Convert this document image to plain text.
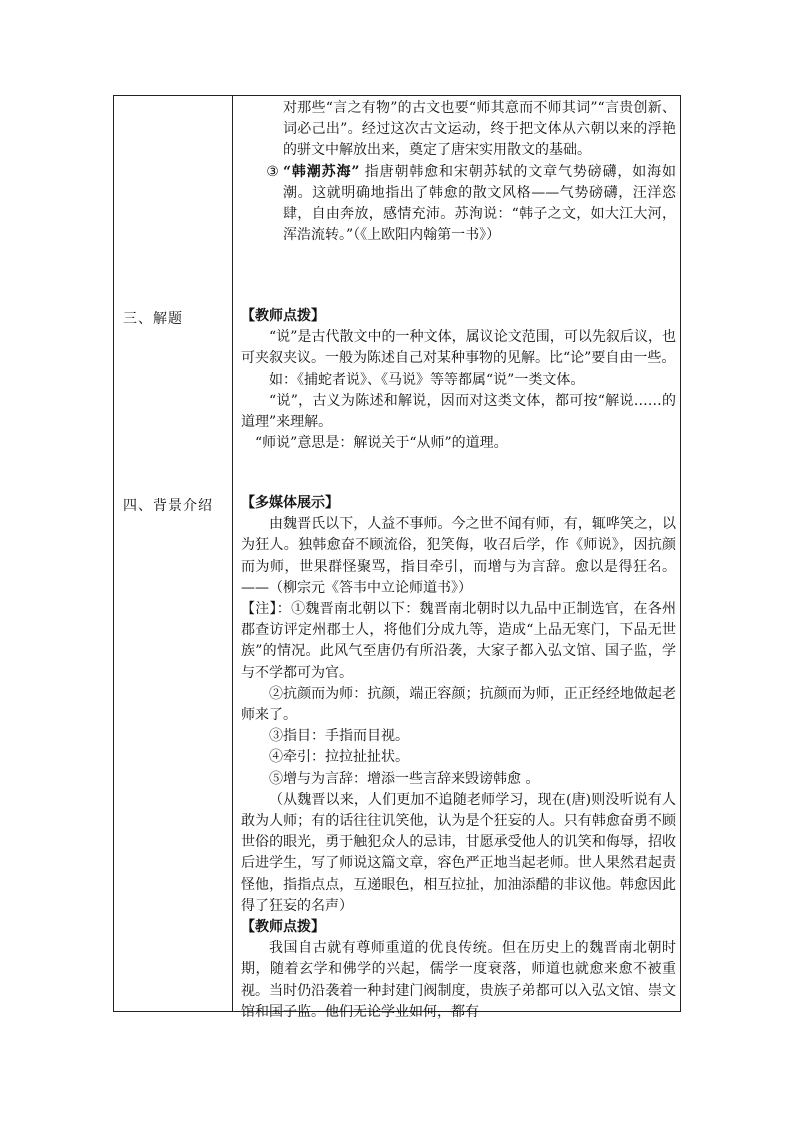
对那些“言之有物”的古文也要“师其意而不师其词”“言贵创新、词必己出”。经过这次古文运动，终于把文体从六朝以来的浮艳的骈文中解放出来，奠定了唐宋实用散文的基础。

③ “韩潮苏海” 指唐朝韩愈和宋朝苏轼的文章气势磅礴，如海如潮。这就明确地指出了韩愈的散文风格——气势磅礴，汪洋恣肆，自由奔放，感情充沛。苏洵说：“韩子之文，如大江大河，浑浩流转。”（《上欧阳内翰第一书》）
三、解题	【教师点拨】

“说”是古代散文中的一种文体，属议论文范围，可以先叙后议，也可夹叙夹议。一般为陈述自己对某种事物的见解。比“论”要自由一些。

如：《捕蛇者说》、《马说》等等都属“说”一类文体。

“说”，古义为陈述和解说，因而对这类文体，都可按“解说……的道理”来理解。

“师说”意思是：解说关于“从师”的道理。

四、背景介绍 【多媒体展示】

由魏晋氏以下，人益不事师。今之世不闻有师，有，辄哗笑之，以为狂人。独韩愈奋不顾流俗，犯笑侮，收召后学，作《师说》，因抗颜而为师，世果群怪聚骂，指目牵引，而增与为言辞。愈以是得狂名。——（柳宗元《答韦中立论师道书》）

【注】：①魏晋南北朝以下：魏晋南北朝时以九品中正制选官，在各州郡查访评定州郡士人，将他们分成九等，造成“上品无寒门，下品无世族”的情况。此风气至唐仍有所沿袭，大家子都入弘文馆、国子监，学与不学都可为官。

②抗颜而为师：抗颜，端正容颜；抗颜而为师，正正经经地做起老师来了。

③指目：手指而目视。

④牵引：拉拉扯扯状。

⑤增与为言辞：增添一些言辞来毁谤韩愈 。

（从魏晋以来，人们更加不追随老师学习，现在(唐)则没听说有人敢为人师；有的话往往讥笑他，认为是个狂妄的人。只有韩愈奋勇不顾世俗的眼光，勇于触犯众人的忌讳，甘愿承受他人的讥笑和侮辱，招收后进学生，写了师说这篇文章，容色严正地当起老师。世人果然君起责怪他，指指点点，互递眼色，相互拉扯，加油添醋的非议他。韩愈因此得了狂妄的名声）

【教师点拨】

我国自古就有尊师重道的优良传统。但在历史上的魏晋南北朝时期，随着玄学和佛学的兴起，儒学一度衰落，师道也就愈来愈不被重视。当时仍沿袭着一种封建门阀制度，贵族子弟都可以入弘文馆、崇文馆和国子监。他们无论学业如何，都有
